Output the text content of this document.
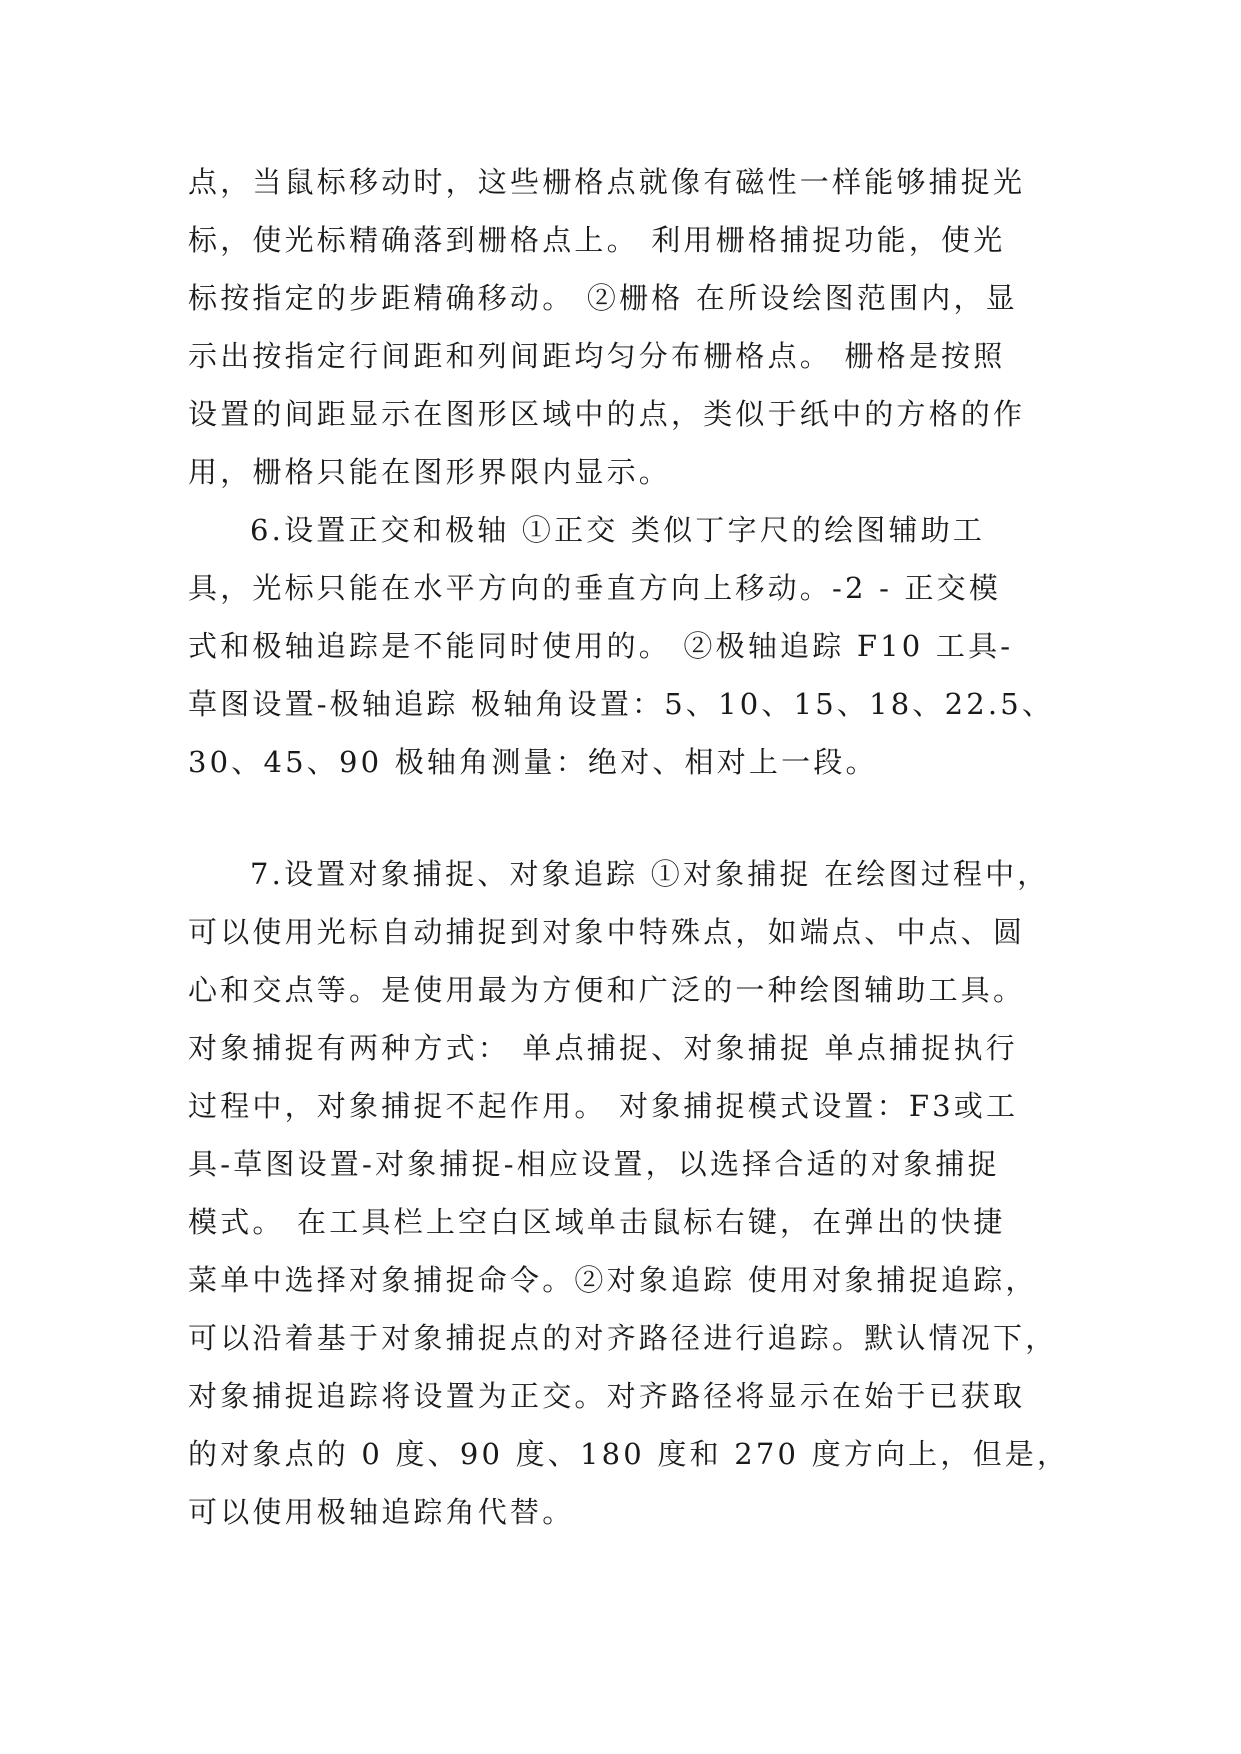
点，当鼠标移动时，这些栅格点就像有磁性一样能够捕捉光
标，使光标精确落到栅格点上。 利用栅格捕捉功能，使光
标按指定的步距精确移动。 ②栅格 在所设绘图范围内，显
示出按指定行间距和列间距均匀分布栅格点。 栅格是按照
设置的间距显示在图形区域中的点，类似于纸中的方格的作
用，栅格只能在图形界限内显示。
6.设置正交和极轴 ①正交 类似丁字尺的绘图辅助工
具，光标只能在水平方向的垂直方向上移动。-2 - 正交模
式和极轴追踪是不能同时使用的。 ②极轴追踪 F10 工具-
草图设置-极轴追踪 极轴角设置：5、10、15、18、22.5、
30、45、90 极轴角测量：绝对、相对上一段。
7.设置对象捕捉、对象追踪 ①对象捕捉 在绘图过程中，
可以使用光标自动捕捉到对象中特殊点，如端点、中点、圆
心和交点等。是使用最为方便和广泛的一种绘图辅助工具。
对象捕捉有两种方式： 单点捕捉、对象捕捉 单点捕捉执行
过程中，对象捕捉不起作用。 对象捕捉模式设置：F3或工
具-草图设置-对象捕捉-相应设置，以选择合适的对象捕捉
模式。 在工具栏上空白区域单击鼠标右键，在弹出的快捷
菜单中选择对象捕捉命令。②对象追踪 使用对象捕捉追踪，
可以沿着基于对象捕捉点的对齐路径进行追踪。默认情况下，
对象捕捉追踪将设置为正交。对齐路径将显示在始于已获取
的对象点的 0 度、90 度、180 度和 270 度方向上，但是，
可以使用极轴追踪角代替。
